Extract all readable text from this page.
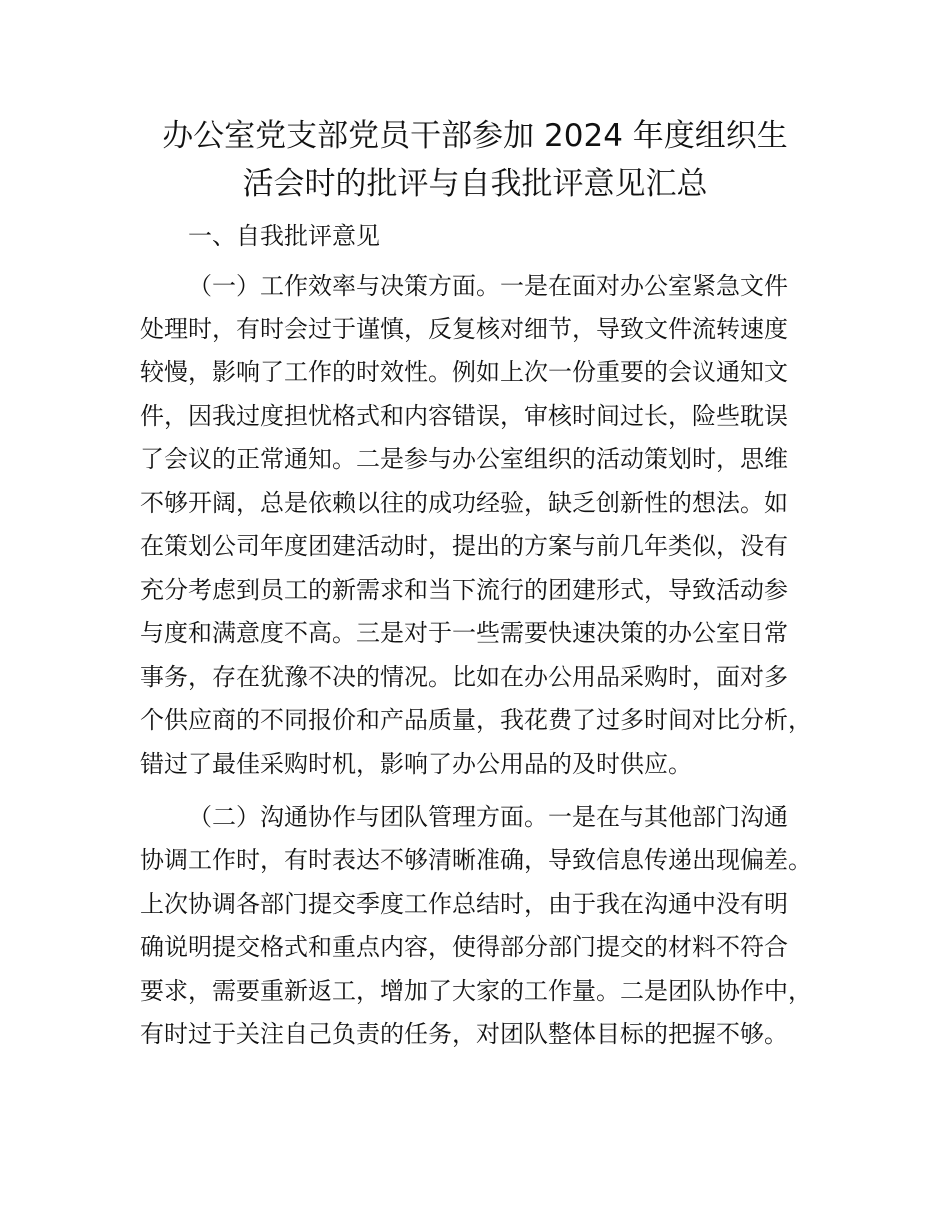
办公室党支部党员干部参加 2024 年度组织生
活会时的批评与自我批评意见汇总

一、自我批评意见

（一）工作效率与决策方面。一是在面对办公室紧急文件

处理时，有时会过于谨慎，反复核对细节，导致文件流转速度

较慢，影响了工作的时效性。例如上次一份重要的会议通知文

件，因我过度担忧格式和内容错误，审核时间过长，险些耽误

了会议的正常通知。二是参与办公室组织的活动策划时，思维

不够开阔，总是依赖以往的成功经验，缺乏创新性的想法。如

在策划公司年度团建活动时，提出的方案与前几年类似，没有

充分考虑到员工的新需求和当下流行的团建形式，导致活动参

与度和满意度不高。三是对于一些需要快速决策的办公室日常

事务，存在犹豫不决的情况。比如在办公用品采购时，面对多

个供应商的不同报价和产品质量，我花费了过多时间对比分析，

错过了最佳采购时机，影响了办公用品的及时供应。

（二）沟通协作与团队管理方面。一是在与其他部门沟通

协调工作时，有时表达不够清晰准确，导致信息传递出现偏差。

上次协调各部门提交季度工作总结时，由于我在沟通中没有明

确说明提交格式和重点内容，使得部分部门提交的材料不符合

要求，需要重新返工，增加了大家的工作量。二是团队协作中，

有时过于关注自己负责的任务，对团队整体目标的把握不够。
